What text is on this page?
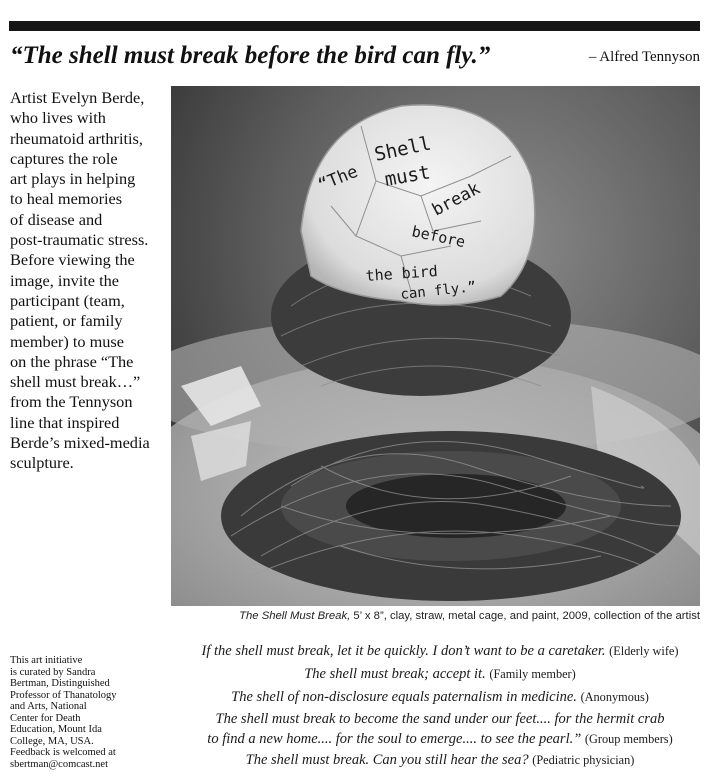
“The shell must break before the bird can fly.”	– Alfred Tennyson
Artist Evelyn Berde,
who lives with
rheumatoid arthritis,
captures the role
art plays in helping
to heal memories
of disease and
post-traumatic stress.
Before viewing the
image, invite the
participant (team,
patient, or family
member) to muse
on the phrase “The
shell must break…”
from the Tennyson
line that inspired
Berde’s mixed-media
sculpture.
“The
Shell
must
break
before
the bird
can fly.”
The Shell Must Break, 5’ x 8”, clay, straw, metal cage, and paint, 2009, collection of the artist
This art initiative
is curated by Sandra
Bertman, Distinguished
Professor of Thanatology
and Arts, National
Center for Death
Education, Mount Ida
College, MA, USA.
Feedback is welcomed at
sbertman@comcast.net
If the shell must break, let it be quickly. I don’t want to be a caretaker. (Elderly wife)
The shell must break; accept it. (Family member)
The shell of non-disclosure equals paternalism in medicine. (Anonymous)
The shell must break to become the sand under our feet.... for the hermit crab
to find a new home.... for the soul to emerge.... to see the pearl.” (Group members)
The shell must break. Can you still hear the sea? (Pediatric physician)
